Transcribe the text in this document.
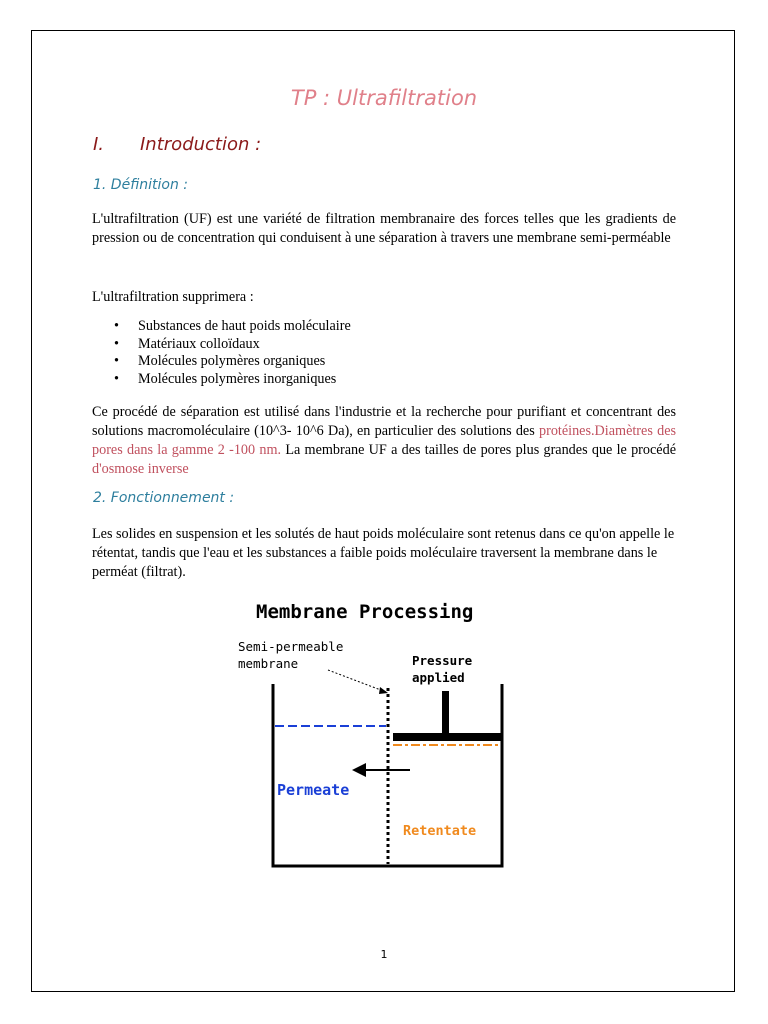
TP : Ultrafiltration
I. Introduction :
1. Définition :
L'ultrafiltration (UF) est une variété de filtration membranaire des forces telles que les gradients de pression ou de concentration qui conduisent à une séparation à travers une membrane semi-perméable
L'ultrafiltration supprimera :
• Substances de haut poids moléculaire
• Matériaux colloïdaux
• Molécules polymères organiques
• Molécules polymères inorganiques
Ce procédé de séparation est utilisé dans l'industrie et la recherche pour purifiant et concentrant des solutions macromoléculaire (10^3- 10^6 Da), en particulier des solutions des protéines.Diamètres des pores dans la gamme 2 -100 nm. La membrane UF a des tailles de pores plus grandes que le procédé d'osmose inverse
2. Fonctionnement :
Les solides en suspension et les solutés de haut poids moléculaire sont retenus dans ce qu'on appelle le rétentat, tandis que l'eau et les substances a faible poids moléculaire traversent la membrane dans le perméat (filtrat).
Membrane Processing
Semi-permeable
membrane	Pressure
applied
Permeate
Retentate
1
